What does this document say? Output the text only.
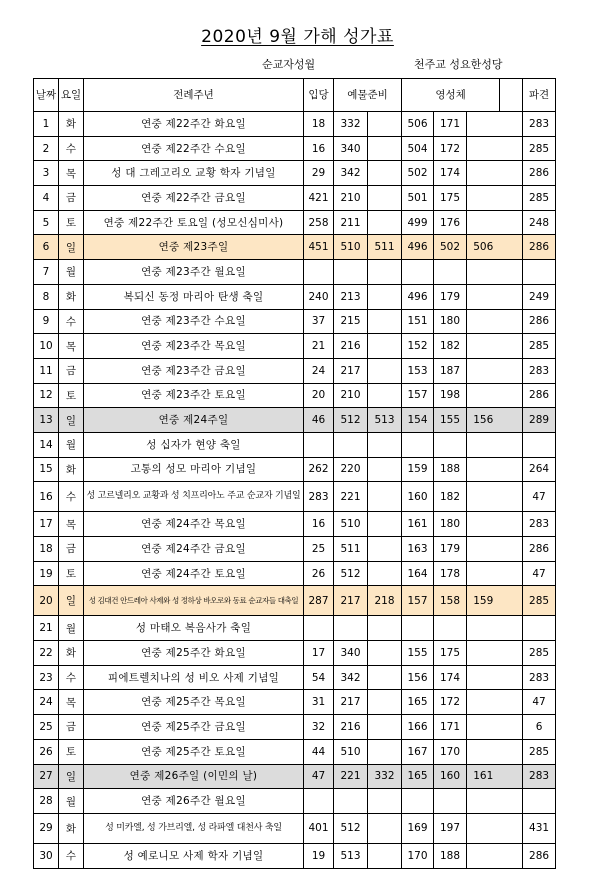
2020년 9월 가해 성가표
순교자성월	천주교 성요한성당
날짜	요일	전례주년	입당	예물준비		영성체				파견
1	화	연중 제22주간 화요일	18	332		506	171			283
2	수	연중 제22주간 수요일	16	340		504	172			285
3	목	성 대 그레고리오 교황 학자 기념일	29	342		502	174			286
4	금	연중 제22주간 금요일	421	210		501	175			285
5	토	연중 제22주간 토요일 (성모신심미사)	258	211		499	176			248
6	일	연중 제23주일	451	510	511	496	502	506		286
7	월	연중 제23주간 월요일								
8	화	복되신 동정 마리아 탄생 축일	240	213		496	179			249
9	수	연중 제23주간 수요일	37	215		151	180			286
10	목	연중 제23주간 목요일	21	216		152	182			285
11	금	연중 제23주간 금요일	24	217		153	187			283
12	토	연중 제23주간 토요일	20	210		157	198			286
13	일	연중 제24주일	46	512	513	154	155	156		289
14	월	성 십자가 현양 축일								
15	화	고통의 성모 마리아 기념일	262	220		159	188			264
16	수	성 고르넬리오 교황과 성 치프리아노 주교 순교자 기념일	283	221		160	182			47
17	목	연중 제24주간 목요일	16	510		161	180			283
18	금	연중 제24주간 금요일	25	511		163	179			286
19	토	연중 제24주간 토요일	26	512		164	178			47
20	일	성 김대건 안드레아 사제와 성 정하상 바오로와 동료 순교자들 대축일	287	217	218	157	158	159		285
21	월	성 마태오 복음사가 축일								
22	화	연중 제25주간 화요일	17	340		155	175			285
23	수	피에트렐치나의 성 비오 사제 기념일	54	342		156	174			283
24	목	연중 제25주간 목요일	31	217		165	172			47
25	금	연중 제25주간 금요일	32	216		166	171			6
26	토	연중 제25주간 토요일	44	510		167	170			285
27	일	연중 제26주일 (이민의 날)	47	221	332	165	160	161		283
28	월	연중 제26주간 월요일								
29	화	성 미카엘, 성 가브리엘, 성 라파엘 대천사 축일	401	512		169	197			431
30	수	성 예로니모 사제 학자 기념일	19	513		170	188			286
